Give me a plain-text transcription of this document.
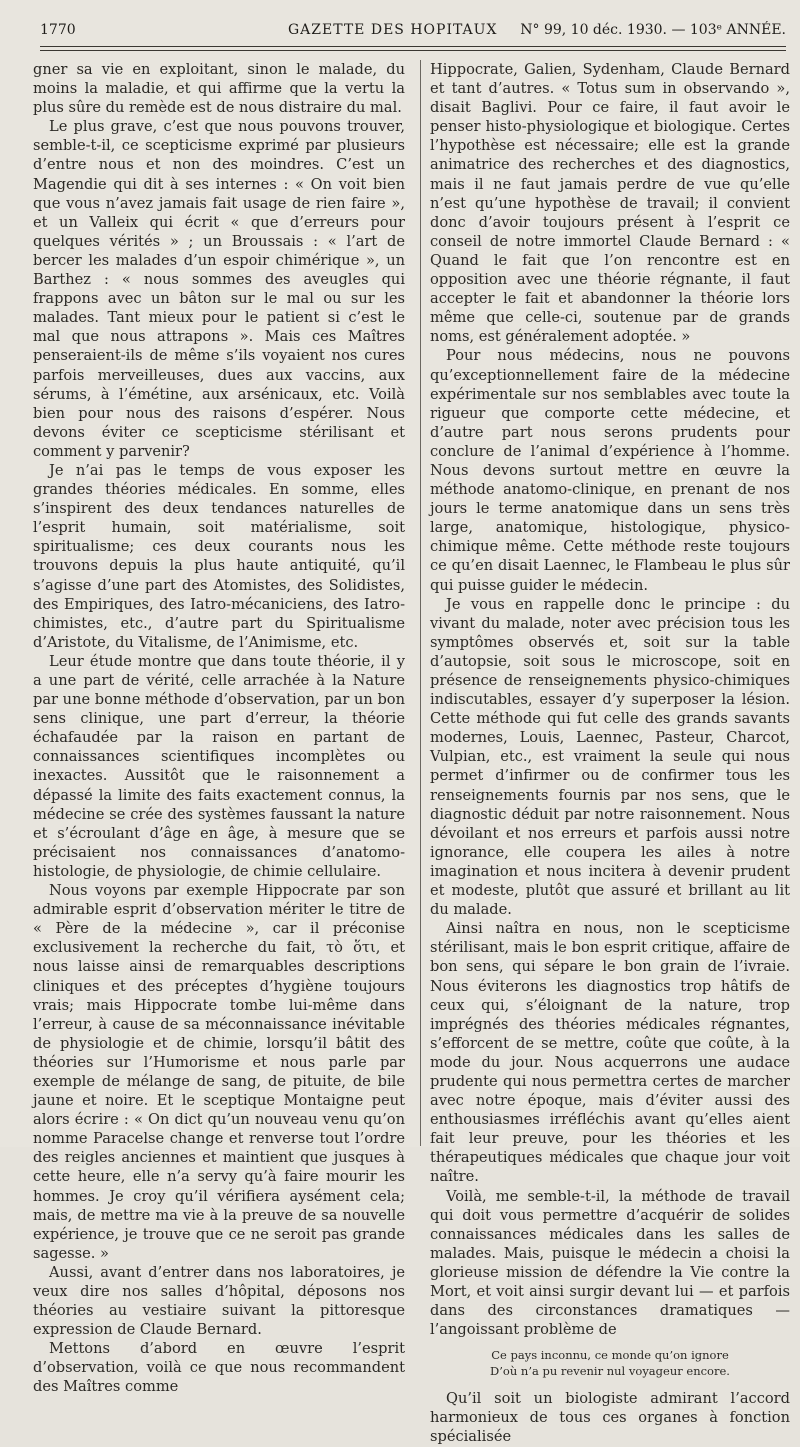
1770	GAZETTE DES HOPITAUX N° 99, 10 déc. 1930. — 103ᵉ ANNÉE.

gner sa vie en exploitant, sinon le malade, du moins la maladie, et qui affirme que la vertu la plus sûre du remède est de nous distraire du mal.

Le plus grave, c’est que nous pouvons trouver, semble-t-il, ce scepticisme exprimé par plusieurs d’entre nous et non des moindres. C’est un Magendie qui dit à ses internes : « On voit bien que vous n’avez jamais fait usage de rien faire », et un Valleix qui écrit « que d’erreurs pour quelques vérités » ; un Broussais : « l’art de bercer les malades d’un espoir chimérique », un Barthez : « nous sommes des aveugles qui frappons avec un bâton sur le mal ou sur les malades. Tant mieux pour le patient si c’est le mal que nous attrapons ». Mais ces Maîtres penseraient-ils de même s’ils voyaient nos cures parfois merveilleuses, dues aux vaccins, aux sérums, à l’émétine, aux arsénicaux, etc. Voilà bien pour nous des raisons d’espérer. Nous devons éviter ce scepticisme stérilisant et comment y parvenir?

Je n’ai pas le temps de vous exposer les grandes théories médicales. En somme, elles s’inspirent des deux tendances naturelles de l’esprit humain, soit matérialisme, soit spiritualisme; ces deux courants nous les trouvons depuis la plus haute antiquité, qu’il s’agisse d’une part des Atomistes, des Solidistes, des Empiriques, des Iatro-mécaniciens, des Iatro-chimistes, etc., d’autre part du Spiritualisme d’Aristote, du Vitalisme, de l’Animisme, etc.

Leur étude montre que dans toute théorie, il y a une part de vérité, celle arrachée à la Nature par une bonne méthode d’observation, par un bon sens clinique, une part d’erreur, la théorie échafaudée par la raison en partant de connaissances scientifiques incomplètes ou inexactes. Aussitôt que le raisonnement a dépassé la limite des faits exactement connus, la médecine se crée des systèmes faussant la nature et s’écroulant d’âge en âge, à mesure que se précisaient nos connaissances d’anatomo-histologie, de physiologie, de chimie cellulaire.

Nous voyons par exemple Hippocrate par son admirable esprit d’observation mériter le titre de « Père de la médecine », car il préconise exclusivement la recherche du fait, τὸ ὅτι, et nous laisse ainsi de remarquables descriptions cliniques et des préceptes d’hygiène toujours vrais; mais Hippocrate tombe lui-même dans l’erreur, à cause de sa méconnaissance inévitable de physiologie et de chimie, lorsqu’il bâtit des théories sur l’Humorisme et nous parle par exemple de mélange de sang, de pituite, de bile jaune et noire. Et le sceptique Montaigne peut alors écrire : « On dict qu’un nouveau venu qu’on nomme Paracelse change et renverse tout l’ordre des reigles anciennes et maintient que jusques à cette heure, elle n’a servy qu’à faire mourir les hommes. Je croy qu’il vérifiera aysément cela; mais, de mettre ma vie à la preuve de sa nouvelle expérience, je trouve que ce ne seroit pas grande sagesse. »

Aussi, avant d’entrer dans nos laboratoires, je veux dire nos salles d’hôpital, déposons nos théories au vestiaire suivant la pittoresque expression de Claude Bernard.

Mettons d’abord en œuvre l’esprit d’observation, voilà ce que nous recommandent des Maîtres comme

Hippocrate, Galien, Sydenham, Claude Bernard et tant d’autres. « Totus sum in observando », disait Baglivi. Pour ce faire, il faut avoir le penser histo-physiologique et biologique. Certes l’hypothèse est nécessaire; elle est la grande animatrice des recherches et des diagnostics, mais il ne faut jamais perdre de vue qu’elle n’est qu’une hypothèse de travail; il convient donc d’avoir toujours présent à l’esprit ce conseil de notre immortel Claude Bernard : « Quand le fait que l’on rencontre est en opposition avec une théorie régnante, il faut accepter le fait et abandonner la théorie lors même que celle-ci, soutenue par de grands noms, est généralement adoptée. »

Pour nous médecins, nous ne pouvons qu’exceptionnellement faire de la médecine expérimentale sur nos semblables avec toute la rigueur que comporte cette médecine, et d’autre part nous serons prudents pour conclure de l’animal d’expérience à l’homme. Nous devons surtout mettre en œuvre la méthode anatomo-clinique, en prenant de nos jours le terme anatomique dans un sens très large, anatomique, histologique, physico-chimique même. Cette méthode reste toujours ce qu’en disait Laennec, le Flambeau le plus sûr qui puisse guider le médecin.

Je vous en rappelle donc le principe : du vivant du malade, noter avec précision tous les symptômes observés et, soit sur la table d’autopsie, soit sous le microscope, soit en présence de renseignements physico-chimiques indiscutables, essayer d’y superposer la lésion. Cette méthode qui fut celle des grands savants modernes, Louis, Laennec, Pasteur, Charcot, Vulpian, etc., est vraiment la seule qui nous permet d’infirmer ou de confirmer tous les renseignements fournis par nos sens, que le diagnostic déduit par notre raisonnement. Nous dévoilant et nos erreurs et parfois aussi notre ignorance, elle coupera les ailes à notre imagination et nous incitera à devenir prudent et modeste, plutôt que assuré et brillant au lit du malade.

Ainsi naîtra en nous, non le scepticisme stérilisant, mais le bon esprit critique, affaire de bon sens, qui sépare le bon grain de l’ivraie. Nous éviterons les diagnostics trop hâtifs de ceux qui, s’éloignant de la nature, trop imprégnés des théories médicales régnantes, s’efforcent de se mettre, coûte que coûte, à la mode du jour. Nous acquerrons une audace prudente qui nous permettra certes de marcher avec notre époque, mais d’éviter aussi des enthousiasmes irréfléchis avant qu’elles aient fait leur preuve, pour les théories et les thérapeutiques médicales que chaque jour voit naître.

Voilà, me semble-t-il, la méthode de travail qui doit vous permettre d’acquérir de solides connaissances médicales dans les salles de malades. Mais, puisque le médecin a choisi la glorieuse mission de défendre la Vie contre la Mort, et voit ainsi surgir devant lui — et parfois dans des circonstances dramatiques — l’angoissant problème de

Ce pays inconnu, ce monde qu’on ignore
D’où n’a pu revenir nul voyageur encore.

Qu’il soit un biologiste admirant l’accord harmonieux de tous ces organes à fonction spécialisée
